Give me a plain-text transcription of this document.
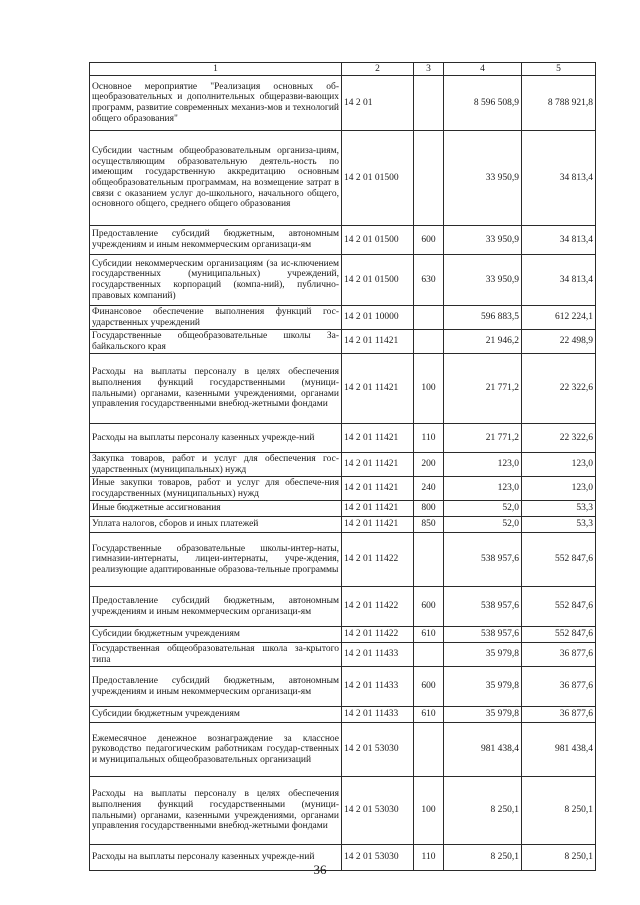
1	2	3	4	5
Основное мероприятие "Реализация основных об-щеобразовательных и дополнительных общеразви-вающих программ, развитие современных механиз-мов и технологий общего образования"	14 2 01		8 596 508,9	8 788 921,8
Субсидии частным общеобразовательным организа-циям, осуществляющим образовательную деятель-ность по имеющим государственную аккредитацию основным общеобразовательным программам, на возмещение затрат в связи с оказанием услуг до-школьного, начального общего, основного общего, среднего общего образования	14 2 01 01500		33 950,9	34 813,4
Предоставление субсидий бюджетным, автономным учреждениям и иным некоммерческим организаци-ям	14 2 01 01500	600	33 950,9	34 813,4
Субсидии некоммерческим организациям (за ис-ключением государственных (муниципальных) учреждений, государственных корпораций (компа-ний), публично-правовых компаний)	14 2 01 01500	630	33 950,9	34 813,4
Финансовое обеспечение выполнения функций гос-ударственных учреждений	14 2 01 10000		596 883,5	612 224,1
Государственные общеобразовательные школы За-байкальского края	14 2 01 11421		21 946,2	22 498,9
Расходы на выплаты персоналу в целях обеспечения выполнения функций государственными (муници-пальными) органами, казенными учреждениями, органами управления государственными внебюд-жетными фондами	14 2 01 11421	100	21 771,2	22 322,6
Расходы на выплаты персоналу казенных учрежде-ний	14 2 01 11421	110	21 771,2	22 322,6
Закупка товаров, работ и услуг для обеспечения гос-ударственных (муниципальных) нужд	14 2 01 11421	200	123,0	123,0
Иные закупки товаров, работ и услуг для обеспече-ния государственных (муниципальных) нужд	14 2 01 11421	240	123,0	123,0
Иные бюджетные ассигнования	14 2 01 11421	800	52,0	53,3
Уплата налогов, сборов и иных платежей	14 2 01 11421	850	52,0	53,3
Государственные образовательные школы-интер-наты, гимназии-интернаты, лицеи-интернаты, учре-ждения, реализующие адаптированные образова-тельные программы	14 2 01 11422		538 957,6	552 847,6
Предоставление субсидий бюджетным, автономным учреждениям и иным некоммерческим организаци-ям	14 2 01 11422	600	538 957,6	552 847,6
Субсидии бюджетным учреждениям	14 2 01 11422	610	538 957,6	552 847,6
Государственная общеобразовательная школа за-крытого типа	14 2 01 11433		35 979,8	36 877,6
Предоставление субсидий бюджетным, автономным учреждениям и иным некоммерческим организаци-ям	14 2 01 11433	600	35 979,8	36 877,6
Субсидии бюджетным учреждениям	14 2 01 11433	610	35 979,8	36 877,6
Ежемесячное денежное вознаграждение за классное руководство педагогическим работникам государ-ственных и муниципальных общеобразовательных организаций	14 2 01 53030		981 438,4	981 438,4
Расходы на выплаты персоналу в целях обеспечения выполнения функций государственными (муници-пальными) органами, казенными учреждениями, органами управления государственными внебюд-жетными фондами	14 2 01 53030	100	8 250,1	8 250,1
Расходы на выплаты персоналу казенных учрежде-ний	14 2 01 53030	110	8 250,1	8 250,1
36
